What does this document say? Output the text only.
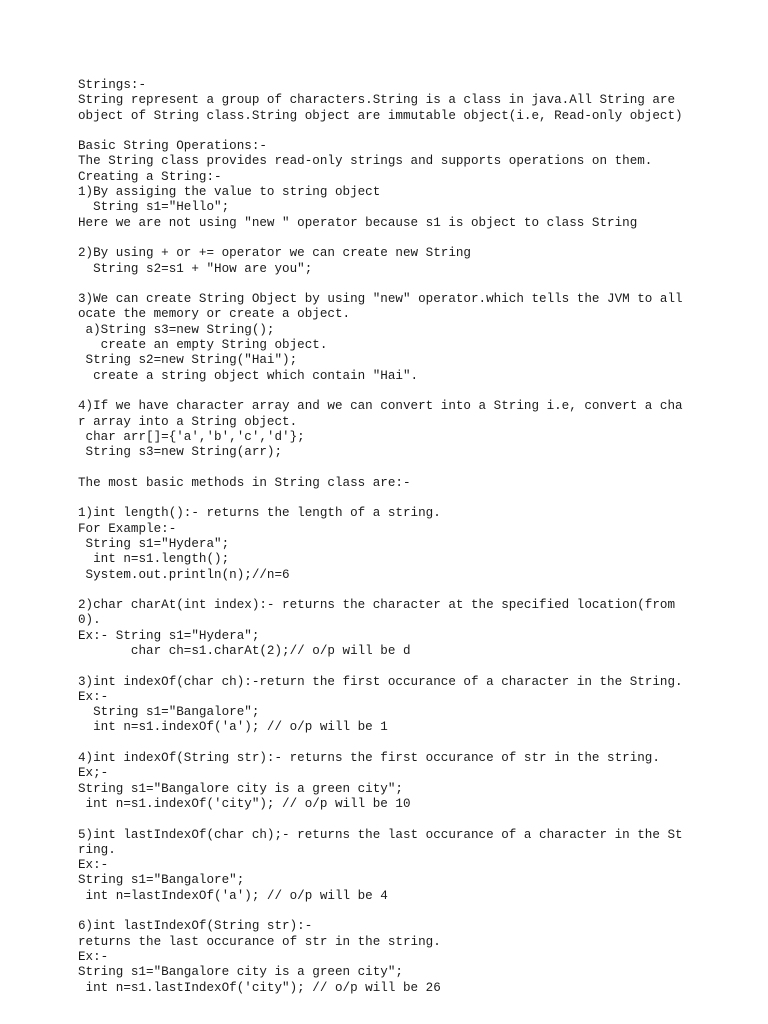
Strings:-
String represent a group of characters.String is a class in java.All String are
object of String class.String object are immutable object(i.e, Read-only object)
Basic String Operations:-
The String class provides read-only strings and supports operations on them.
Creating a String:-
1)By assiging the value to string object
String s1="Hello";
Here we are not using "new " operator because s1 is object to class String
2)By using + or += operator we can create new String
String s2=s1 + "How are you";
3)We can create String Object by using "new" operator.which tells the JVM to all
ocate the memory or create a object.
a)String s3=new String();
create an empty String object.
String s2=new String("Hai");
create a string object which contain "Hai".
4)If we have character array and we can convert into a String i.e, convert a cha
r array into a String object.
char arr[]={'a','b','c','d'};
String s3=new String(arr);
The most basic methods in String class are:-
1)int length():- returns the length of a string.
For Example:-
String s1="Hydera";
int n=s1.length();
System.out.println(n);//n=6
2)char charAt(int index):- returns the character at the specified location(from
0).
Ex:- String s1="Hydera";
char ch=s1.charAt(2);// o/p will be d
3)int indexOf(char ch):-return the first occurance of a character in the String.
Ex:-
String s1="Bangalore";
int n=s1.indexOf('a'); // o/p will be 1
4)int indexOf(String str):- returns the first occurance of str in the string.
Ex;-
String s1="Bangalore city is a green city";
int n=s1.indexOf('city"); // o/p will be 10
5)int lastIndexOf(char ch);- returns the last occurance of a character in the St
ring.
Ex:-
String s1="Bangalore";
int n=lastIndexOf('a'); // o/p will be 4
6)int lastIndexOf(String str):-
returns the last occurance of str in the string.
Ex:-
String s1="Bangalore city is a green city";
int n=s1.lastIndexOf('city"); // o/p will be 26
